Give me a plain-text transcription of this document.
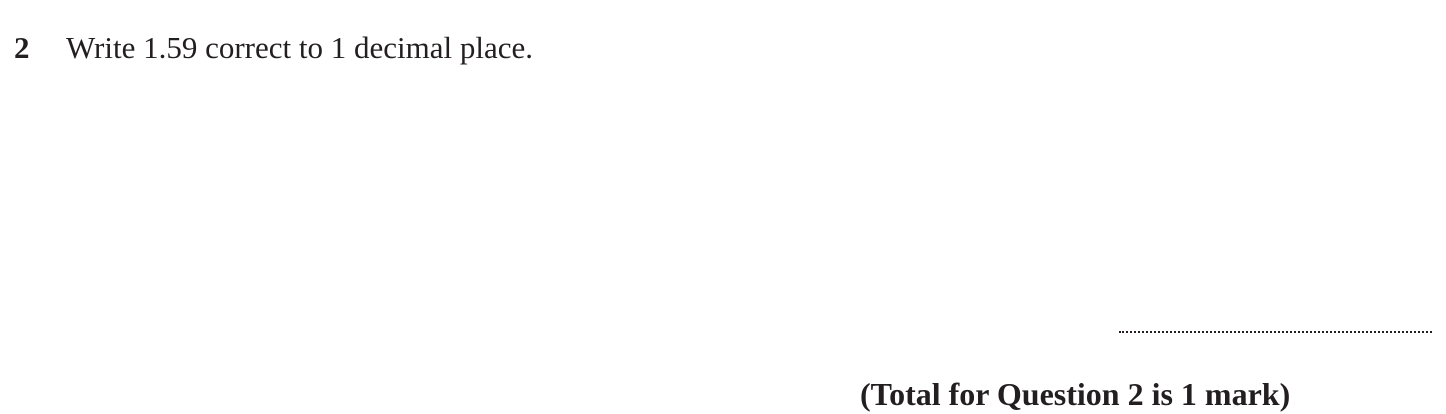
2 Write 1.59 correct to 1 decimal place.
(Total for Question 2 is 1 mark)
